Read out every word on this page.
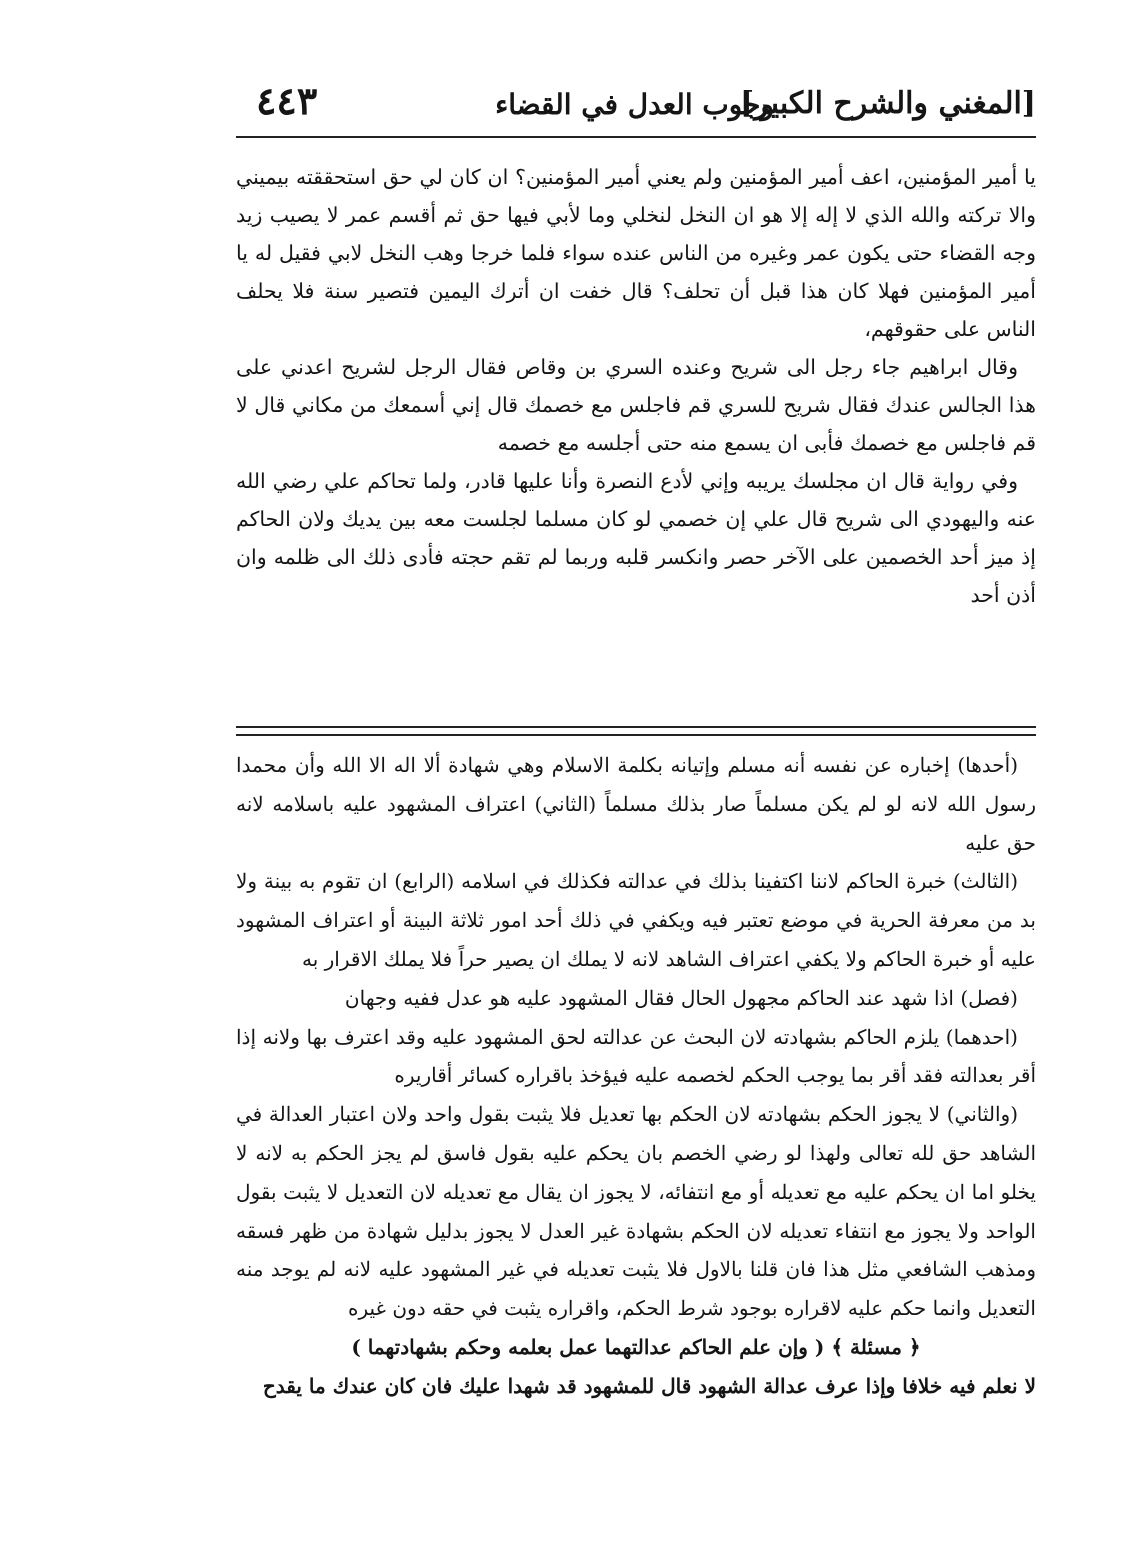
[المغني والشرح الكبير]
وجوب العدل في القضاء
٤٤٣

يا أمير المؤمنين، اعف أمير المؤمنين ولم يعني أمير المؤمنين؟ ان كان لي حق استحققته بيميني والا تركته والله الذي لا إله إلا هو ان النخل لنخلي وما لأبي فيها حق ثم أقسم عمر لا يصيب زيد وجه القضاء حتى يكون عمر وغيره من الناس عنده سواء فلما خرجا وهب النخل لابي فقيل له يا أمير المؤمنين فهلا كان هذا قبل أن تحلف؟ قال خفت ان أترك اليمين فتصير سنة فلا يحلف الناس على حقوقهم،

وقال ابراهيم جاء رجل الى شريح وعنده السري بن وقاص فقال الرجل لشريح اعدني على هذا الجالس عندك فقال شريح للسري قم فاجلس مع خصمك قال إني أسمعك من مكاني قال لا قم فاجلس مع خصمك فأبى ان يسمع منه حتى أجلسه مع خصمه

وفي رواية قال ان مجلسك يريبه وإني لأدع النصرة وأنا عليها قادر، ولما تحاكم علي رضي الله عنه واليهودي الى شريح قال علي إن خصمي لو كان مسلما لجلست معه بين يديك ولان الحاكم إذ ميز أحد الخصمين على الآخر حصر وانكسر قلبه وربما لم تقم حجته فأدى ذلك الى ظلمه وان أذن أحد

(أحدها) إخباره عن نفسه أنه مسلم وإتيانه بكلمة الاسلام وهي شهادة ألا اله الا الله وأن محمدا رسول الله لانه لو لم يكن مسلماً صار بذلك مسلماً (الثاني) اعتراف المشهود عليه باسلامه لانه حق عليه

(الثالث) خبرة الحاكم لاننا اكتفينا بذلك في عدالته فكذلك في اسلامه (الرابع) ان تقوم به بينة ولا بد من معرفة الحرية في موضع تعتبر فيه ويكفي في ذلك أحد امور ثلاثة البينة أو اعتراف المشهود عليه أو خبرة الحاكم ولا يكفي اعتراف الشاهد لانه لا يملك ان يصير حراً فلا يملك الاقرار به

(فصل) اذا شهد عند الحاكم مجهول الحال فقال المشهود عليه هو عدل ففيه وجهان

(احدهما) يلزم الحاكم بشهادته لان البحث عن عدالته لحق المشهود عليه وقد اعترف بها ولانه إذا أقر بعدالته فقد أقر بما يوجب الحكم لخصمه عليه فيؤخذ باقراره كسائر أقاريره

(والثاني) لا يجوز الحكم بشهادته لان الحكم بها تعديل فلا يثبت بقول واحد ولان اعتبار العدالة في الشاهد حق لله تعالى ولهذا لو رضي الخصم بان يحكم عليه بقول فاسق لم يجز الحكم به لانه لا يخلو اما ان يحكم عليه مع تعديله أو مع انتفائه، لا يجوز ان يقال مع تعديله لان التعديل لا يثبت بقول الواحد ولا يجوز مع انتفاء تعديله لان الحكم بشهادة غير العدل لا يجوز بدليل شهادة من ظهر فسقه ومذهب الشافعي مثل هذا فان قلنا بالاول فلا يثبت تعديله في غير المشهود عليه لانه لم يوجد منه التعديل وانما حكم عليه لاقراره بوجود شرط الحكم، واقراره يثبت في حقه دون غيره

﴿ مسئلة ﴾ ( وإن علم الحاكم عدالتهما عمل بعلمه وحكم بشهادتهما )

لا نعلم فيه خلافا وإذا عرف عدالة الشهود قال للمشهود قد شهدا عليك فان كان عندك ما يقدح
